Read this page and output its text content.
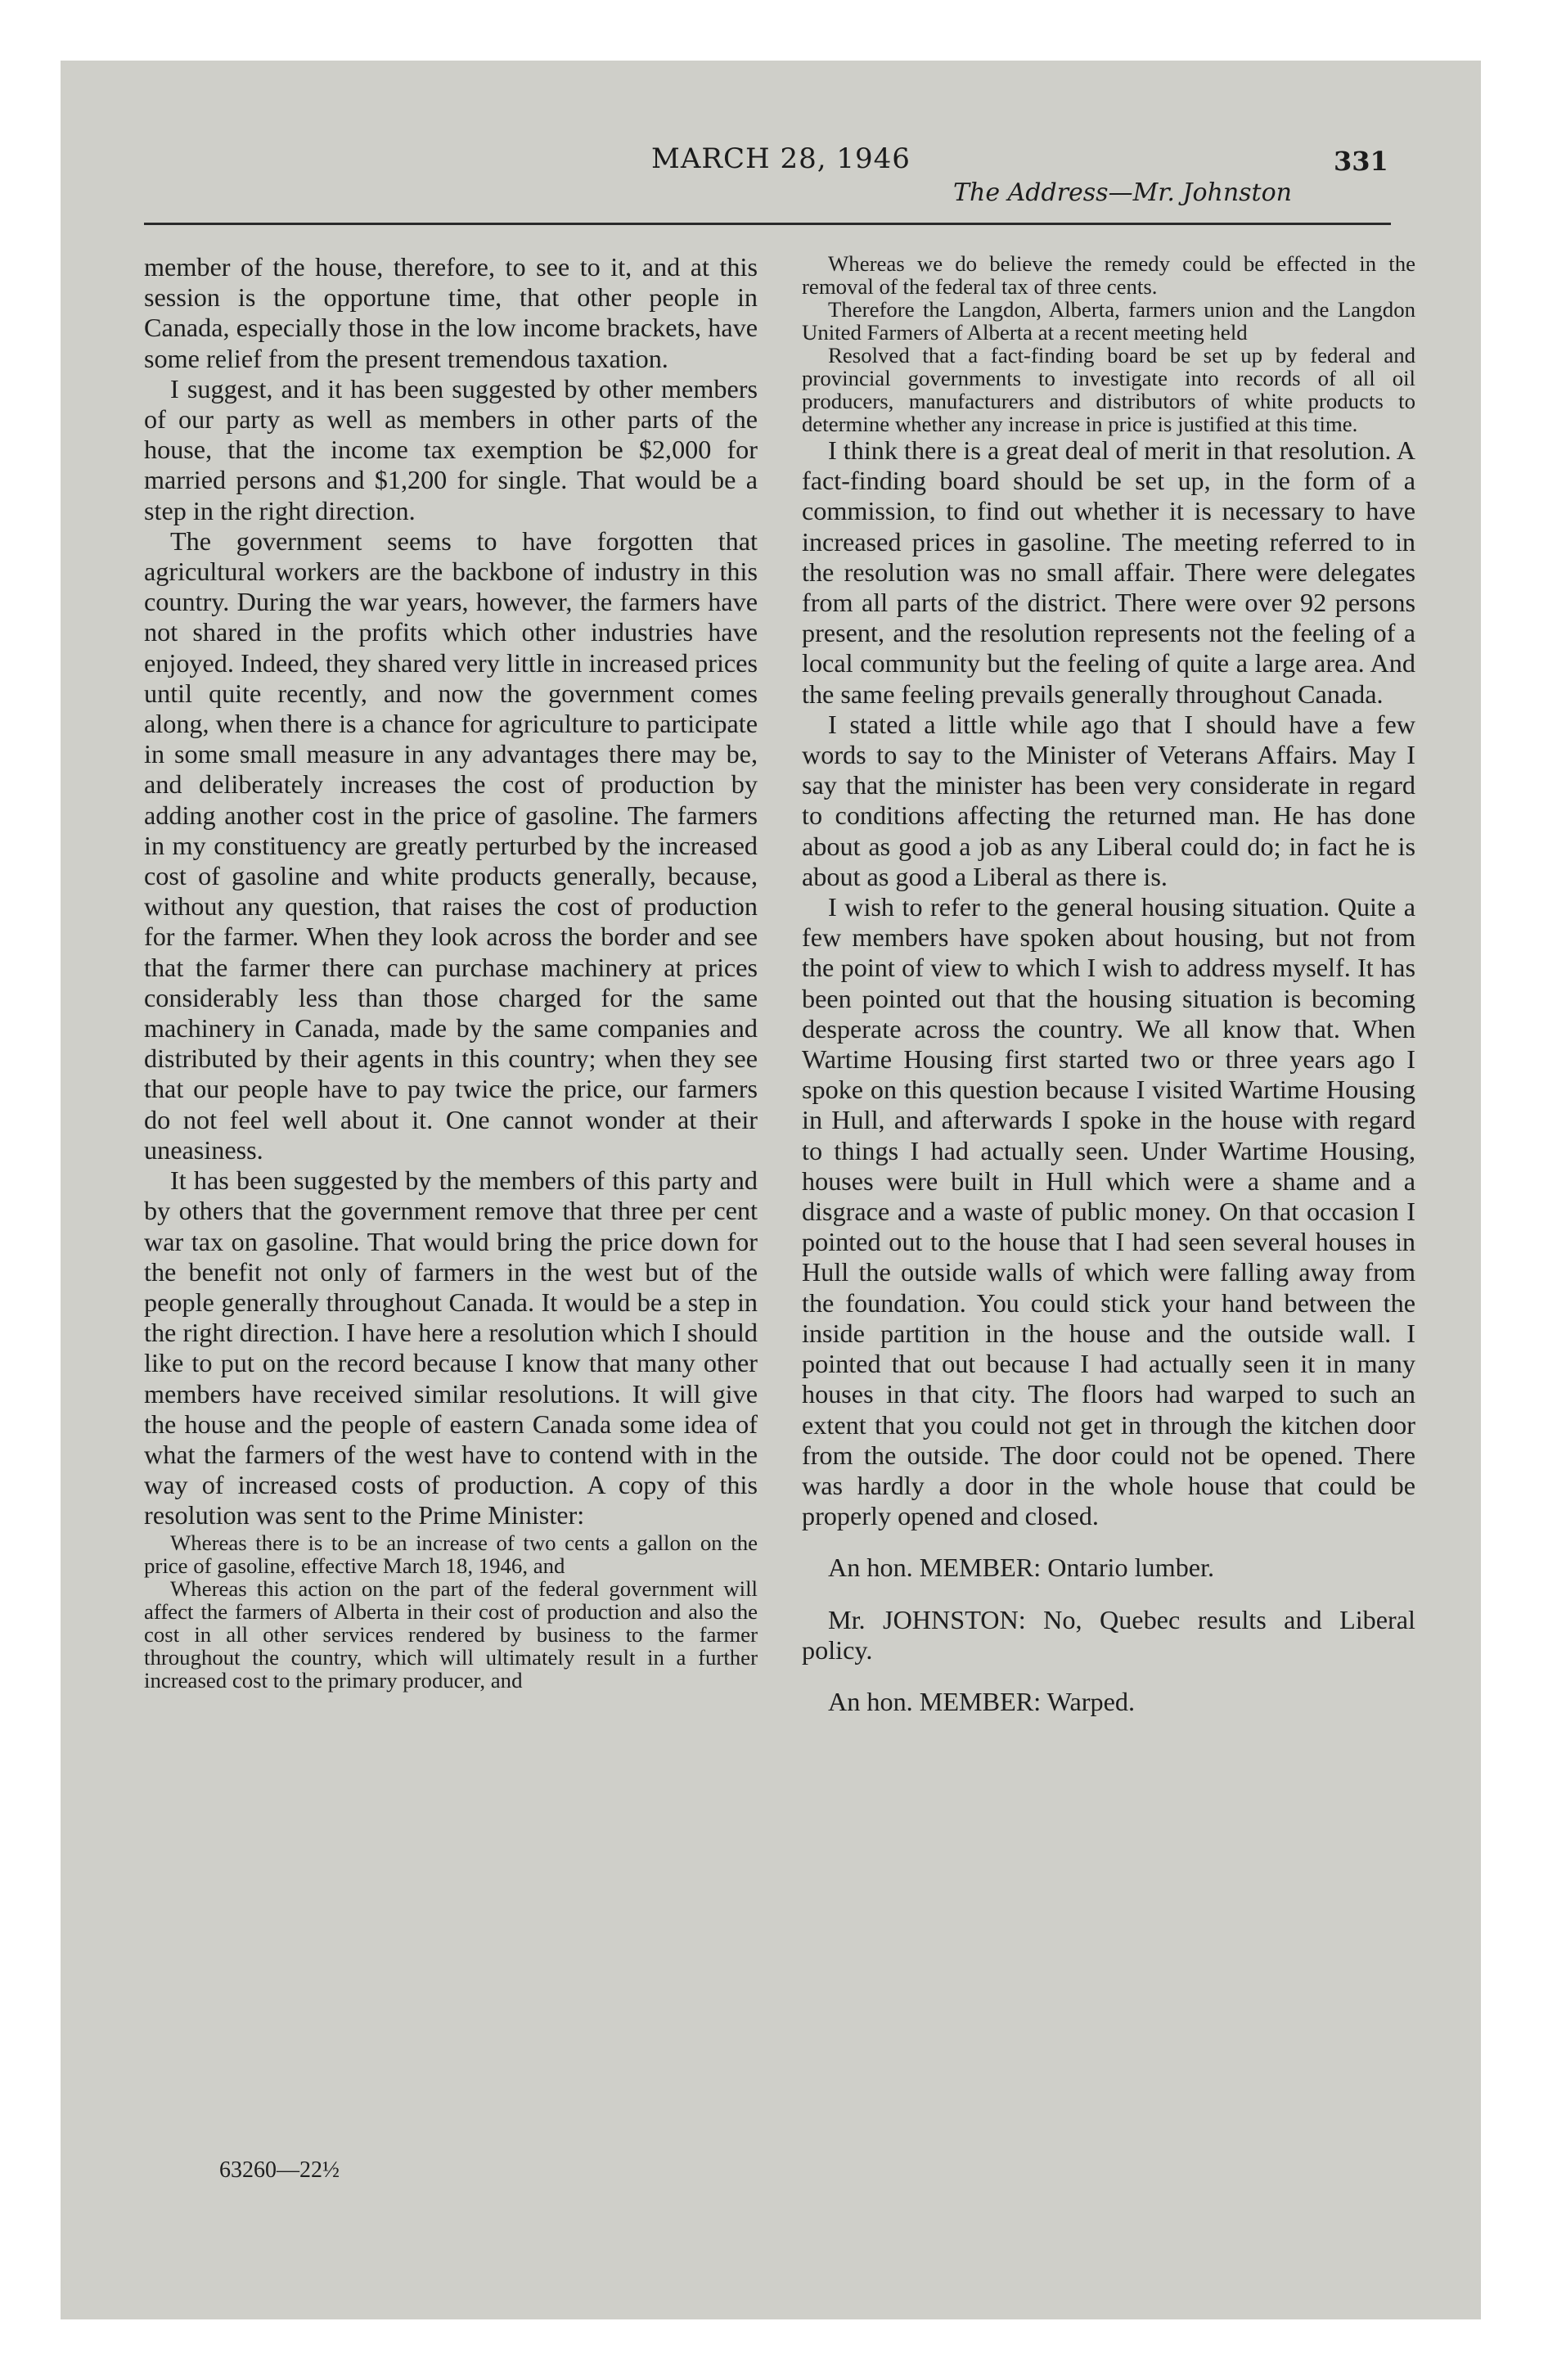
MARCH 28, 1946
The Address—Mr. Johnston
331

member of the house, therefore, to see to it, and at this session is the opportune time, that other people in Canada, especially those in the low income brackets, have some relief from the present tremendous taxation.

I suggest, and it has been suggested by other members of our party as well as members in other parts of the house, that the income tax exemption be $2,000 for married persons and $1,200 for single. That would be a step in the right direction.

The government seems to have forgotten that agricultural workers are the backbone of industry in this country. During the war years, however, the farmers have not shared in the profits which other industries have enjoyed. Indeed, they shared very little in increased prices until quite recently, and now the government comes along, when there is a chance for agriculture to participate in some small measure in any advantages there may be, and deliberately increases the cost of production by adding another cost in the price of gasoline. The farmers in my constituency are greatly perturbed by the increased cost of gasoline and white products generally, because, without any question, that raises the cost of production for the farmer. When they look across the border and see that the farmer there can purchase machinery at prices considerably less than those charged for the same machinery in Canada, made by the same companies and distributed by their agents in this country; when they see that our people have to pay twice the price, our farmers do not feel well about it. One cannot wonder at their uneasiness.

It has been suggested by the members of this party and by others that the government remove that three per cent war tax on gasoline. That would bring the price down for the benefit not only of farmers in the west but of the people generally throughout Canada. It would be a step in the right direction. I have here a resolution which I should like to put on the record because I know that many other members have received similar resolutions. It will give the house and the people of eastern Canada some idea of what the farmers of the west have to contend with in the way of increased costs of production. A copy of this resolution was sent to the Prime Minister:

Whereas there is to be an increase of two cents a gallon on the price of gasoline, effective March 18, 1946, and

Whereas this action on the part of the federal government will affect the farmers of Alberta in their cost of production and also the cost in all other services rendered by business to the farmer throughout the country, which will ultimately result in a further increased cost to the primary producer, and

Whereas we do believe the remedy could be effected in the removal of the federal tax of three cents.

Therefore the Langdon, Alberta, farmers union and the Langdon United Farmers of Alberta at a recent meeting held

Resolved that a fact-finding board be set up by federal and provincial governments to investigate into records of all oil producers, manufacturers and distributors of white products to determine whether any increase in price is justified at this time.

I think there is a great deal of merit in that resolution. A fact-finding board should be set up, in the form of a commission, to find out whether it is necessary to have increased prices in gasoline. The meeting referred to in the resolution was no small affair. There were delegates from all parts of the district. There were over 92 persons present, and the resolution represents not the feeling of a local community but the feeling of quite a large area. And the same feeling prevails generally throughout Canada.

I stated a little while ago that I should have a few words to say to the Minister of Veterans Affairs. May I say that the minister has been very considerate in regard to conditions affecting the returned man. He has done about as good a job as any Liberal could do; in fact he is about as good a Liberal as there is.

I wish to refer to the general housing situation. Quite a few members have spoken about housing, but not from the point of view to which I wish to address myself. It has been pointed out that the housing situation is becoming desperate across the country. We all know that. When Wartime Housing first started two or three years ago I spoke on this question because I visited Wartime Housing in Hull, and afterwards I spoke in the house with regard to things I had actually seen. Under Wartime Housing, houses were built in Hull which were a shame and a disgrace and a waste of public money. On that occasion I pointed out to the house that I had seen several houses in Hull the outside walls of which were falling away from the foundation. You could stick your hand between the inside partition in the house and the outside wall. I pointed that out because I had actually seen it in many houses in that city. The floors had warped to such an extent that you could not get in through the kitchen door from the outside. The door could not be opened. There was hardly a door in the whole house that could be properly opened and closed.

An hon. MEMBER: Ontario lumber.

Mr. JOHNSTON: No, Quebec results and Liberal policy.

An hon. MEMBER: Warped.

63260—22½
